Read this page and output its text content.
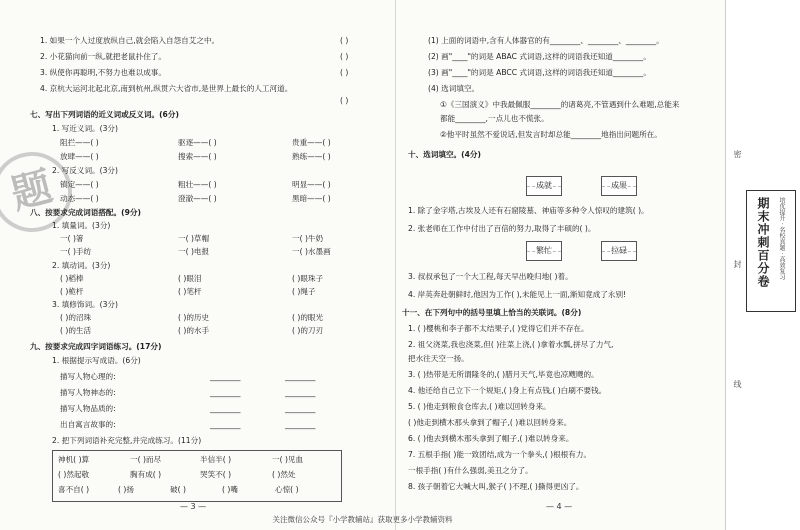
题
1. 如果一个人过度放纵自己,就会陷入自怨自艾之中。	( )
2. 小花猫向前一纵,就把老鼠扑住了。	( )
3. 纵使你再聪明,不努力也难以成事。	( )
4. 京杭大运河北起北京,南到杭州,纵贯六大省市,是世界上最长的人工河道。
( )
七、写出下列词语的近义词或反义词。(6分)
1. 写近义词。(3分)
阻拦——( )	驱逐——( )	贵重——( )
放肆——( )	搜索——( )	熟练——( )
2. 写反义词。(3分)
镇定——( )	粗壮——( )	明显——( )
动态——( )	澄澈——( )	黑暗——( )
八、按要求完成词语搭配。(9分)
1. 填量词。(3分)
一( )箸	一( )草帽	一( )牛奶
一( )手纺	一( )电报	一( )水墨画
2. 填动词。(3分)
( )稻棒	( )眼泪	( )眼珠子
( )桅杆	( )笔杆	( )绳子
3. 填修饰词。(3分)
( )的沼珠	( )的历史	( )的眼光
( )的生活	( )的水手	( )的刀刃
九、按要求完成四字词语练习。(17分)
1. 根据提示写成语。(6分)
描写人物心理的:	________	________
描写人物神态的:	________	________
描写人物品质的:	________	________
出自寓言故事的:	________	________
2. 把下列词语补充完整,并完成练习。(11分)
神机( )算	一( )而尽	半信半( )	一( )见血
( )然起敬	胸有成( )	哭笑不( )	( )然处
喜不自( )	( )扬	破( )	( )嘴	心惊( )
— 3 —
(1) 上面的词语中,含有人体器官的有________、________、________。
(2) 画"____"的词是 ABAC 式词语,这样的词语我还知道________。
(3) 画"____"的词是 ABCC 式词语,这样的词语我还知道________。
(4) 选词填空。
①《三国演义》中我最佩服________的诸葛亮,不管遇到什么难题,总能来
都能________,一点儿也不慌张。
②他平时虽然不爱说话,但发言时却总能________地指出问题所在。
十、选词填空。(4分)
成就	成果
1. 除了金字塔,古埃及人还有石窟陵墓、神庙等多种令人惊叹的建筑( )。
2. 张老师在工作中付出了百倍的努力,取得了丰硕的( )。
繁忙	拉碌
3. 叔叔承包了一个大工程,每天早出晚归地( )着。
4. 岸英奔赴朝鲜时,他因为工作( ),未能见上一面,渐知竟成了永别!
十一、在下列句中的括号里填上恰当的关联词。(8分)
1. ( )樱桃和李子都不太结果子,( )党得它们并不存在。
2. 祖父浇菜,我也浇菜,但( )往菜上浇,( )拿着水瓢,拼尽了力气,
把水往天空一扬。
3. ( )热带是无所谓隆冬的,( )腊月天气,毕竟也凉飕飕的。
4. 他还给自己立下一个规矩,( )身上有点钱,( )白刷不要钱。
5. ( )他走到粮食仓库去,( )难以回转身来。
( )他走到横木那头拿到了帽子,( )难以回转身来。
6. ( )他去到横木那头拿到了帽子,( )难以转身来。
7. 五根手指( )能一致团结,成为一个拳头,( )根根有力。
一根手指( )有什么强弱,美丑之分了。
8. 孩子朝着它大喊大叫,猴子( )不理,( )撕得更凶了。
— 4 —
密
封
线
期末冲刺百分卷	培优提升 · 名校真题 · 高效复习
关注微信公众号『小学教辅站』获取更多小学教辅资料
